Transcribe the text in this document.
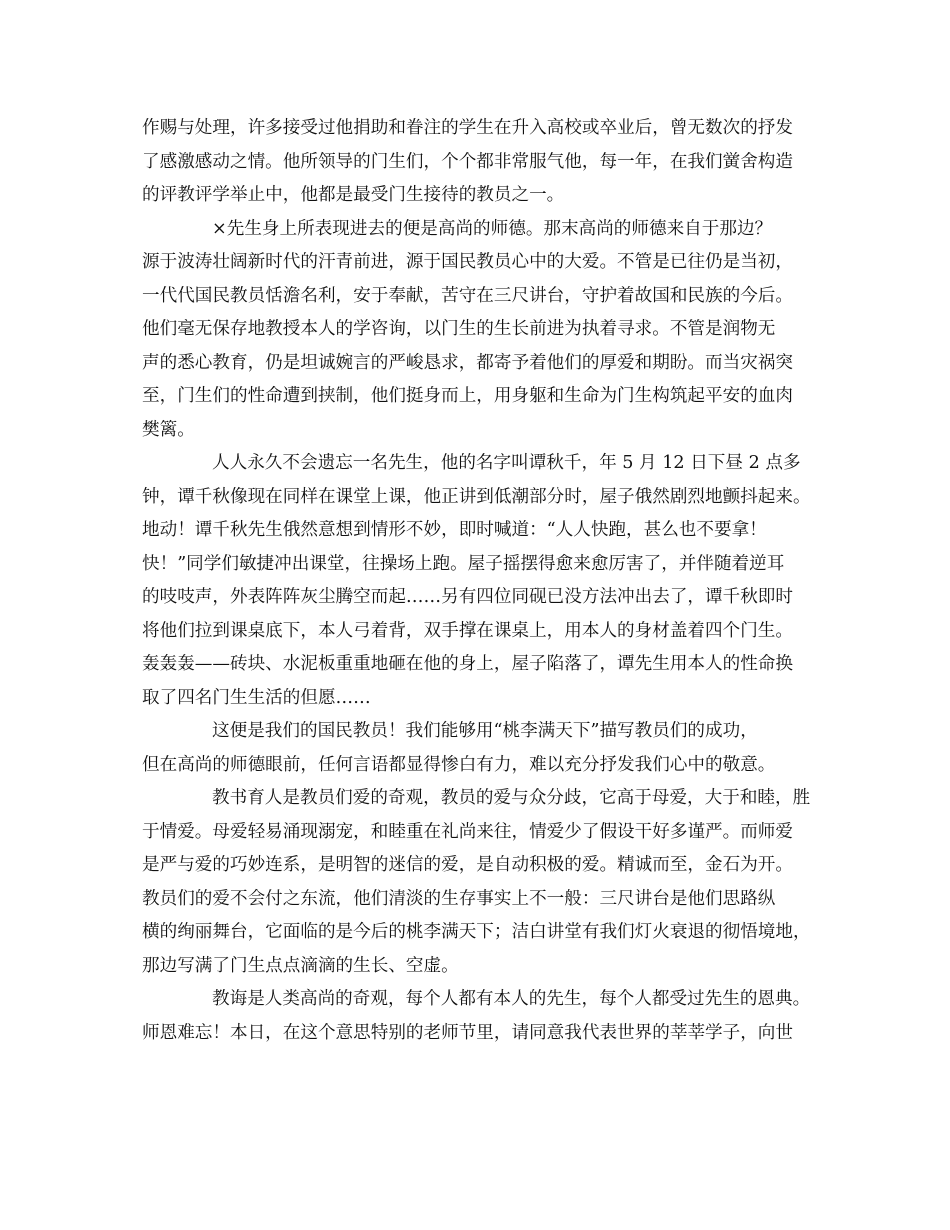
作赐与处理，许多接受过他捐助和眷注的学生在升入高校或卒业后，曾无数次的抒发
了感激感动之情。他所领导的门生们，个个都非常服气他，每一年，在我们黉舍构造
的评教评学举止中，他都是最受门生接待的教员之一。
×先生身上所表现进去的便是高尚的师德。那末高尚的师德来自于那边？
源于波涛壮阔新时代的汗青前进，源于国民教员心中的大爱。不管是已往仍是当初，
一代代国民教员恬澹名利，安于奉献，苦守在三尺讲台，守护着故国和民族的今后。
他们毫无保存地教授本人的学咨询，以门生的生长前进为执着寻求。不管是润物无
声的悉心教育，仍是坦诚婉言的严峻恳求，都寄予着他们的厚爱和期盼。而当灾祸突
至，门生们的性命遭到挟制，他们挺身而上，用身躯和生命为门生构筑起平安的血肉
樊篱。
人人永久不会遗忘一名先生，他的名字叫谭秋千，年 5 月 12 日下昼 2 点多
钟，谭千秋像现在同样在课堂上课，他正讲到低潮部分时，屋子俄然剧烈地颤抖起来。
地动！谭千秋先生俄然意想到情形不妙，即时喊道：“人人快跑，甚么也不要拿！
快！”同学们敏捷冲出课堂，往操场上跑。屋子摇摆得愈来愈厉害了，并伴随着逆耳
的吱吱声，外表阵阵灰尘腾空而起……另有四位同砚已没方法冲出去了，谭千秋即时
将他们拉到课桌底下，本人弓着背，双手撑在课桌上，用本人的身材盖着四个门生。
轰轰轰——砖块、水泥板重重地砸在他的身上，屋子陷落了，谭先生用本人的性命换
取了四名门生生活的但愿……
这便是我们的国民教员！我们能够用“桃李满天下”描写教员们的成功，
但在高尚的师德眼前，任何言语都显得惨白有力，难以充分抒发我们心中的敬意。
教书育人是教员们爱的奇观，教员的爱与众分歧，它高于母爱，大于和睦，胜
于情爱。母爱轻易涌现溺宠，和睦重在礼尚来往，情爱少了假设干好多谨严。而师爱
是严与爱的巧妙连系，是明智的迷信的爱，是自动积极的爱。精诚而至，金石为开。
教员们的爱不会付之东流，他们清淡的生存事实上不一般：三尺讲台是他们思路纵
横的绚丽舞台，它面临的是今后的桃李满天下；洁白讲堂有我们灯火衰退的彻悟境地，
那边写满了门生点点滴滴的生长、空虚。
教诲是人类高尚的奇观，每个人都有本人的先生，每个人都受过先生的恩典。
师恩难忘！本日，在这个意思特别的老师节里，请同意我代表世界的莘莘学子，向世
